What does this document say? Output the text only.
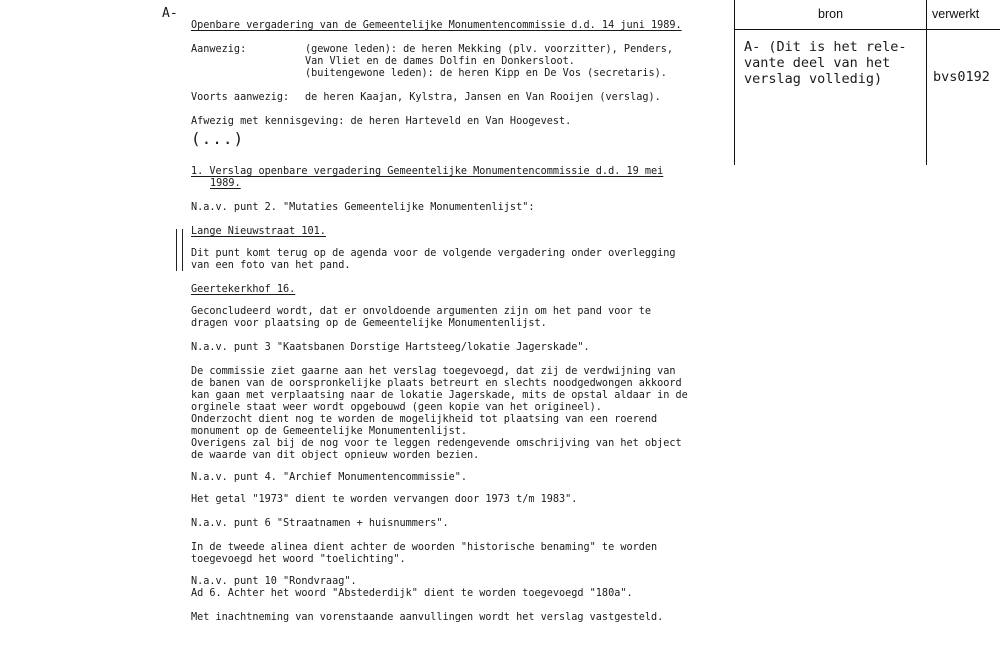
A-
Openbare vergadering van de Gemeentelijke Monumentencommissie d.d. 14 juni 1989.
Aanwezig:	(gewone leden): de heren Mekking (plv. voorzitter), Penders,
Van Vliet en de dames Dolfin en Donkersloot.
(buitengewone leden): de heren Kipp en De Vos (secretaris).
Voorts aanwezig: de heren Kaajan, Kylstra, Jansen en Van Rooijen (verslag).
Afwezig met kennisgeving: de heren Harteveld en Van Hoogevest.
(...)
1. Verslag openbare vergadering Gemeentelijke Monumentencommissie d.d. 19 mei
1989.
N.a.v. punt 2. "Mutaties Gemeentelijke Monumentenlijst":
Lange Nieuwstraat 101.
Dit punt komt terug op de agenda voor de volgende vergadering onder overlegging
van een foto van het pand.
Geertekerkhof 16.
Geconcludeerd wordt, dat er onvoldoende argumenten zijn om het pand voor te
dragen voor plaatsing op de Gemeentelijke Monumentenlijst.
N.a.v. punt 3 "Kaatsbanen Dorstige Hartsteeg/lokatie Jagerskade".
De commissie ziet gaarne aan het verslag toegevoegd, dat zij de verdwijning van
de banen van de oorspronkelijke plaats betreurt en slechts noodgedwongen akkoord
kan gaan met verplaatsing naar de lokatie Jagerskade, mits de opstal aldaar in de
orginele staat weer wordt opgebouwd (geen kopie van het origineel).
Onderzocht dient nog te worden de mogelijkheid tot plaatsing van een roerend
monument op de Gemeentelijke Monumentenlijst.
Overigens zal bij de nog voor te leggen redengevende omschrijving van het object
de waarde van dit object opnieuw worden bezien.
N.a.v. punt 4. "Archief Monumentencommissie".
Het getal "1973" dient te worden vervangen door 1973 t/m 1983".
N.a.v. punt 6 "Straatnamen + huisnummers".
In de tweede alinea dient achter de woorden "historische benaming" te worden
toegevoegd het woord "toelichting".
N.a.v. punt 10 "Rondvraag".
Ad 6. Achter het woord "Abstederdijk" dient te worden toegevoegd "180a".
Met inachtneming van vorenstaande aanvullingen wordt het verslag vastgesteld.
bron	verwerkt
A- (Dit is het rele-
vante deel van het
verslag volledig)	bvs0192
